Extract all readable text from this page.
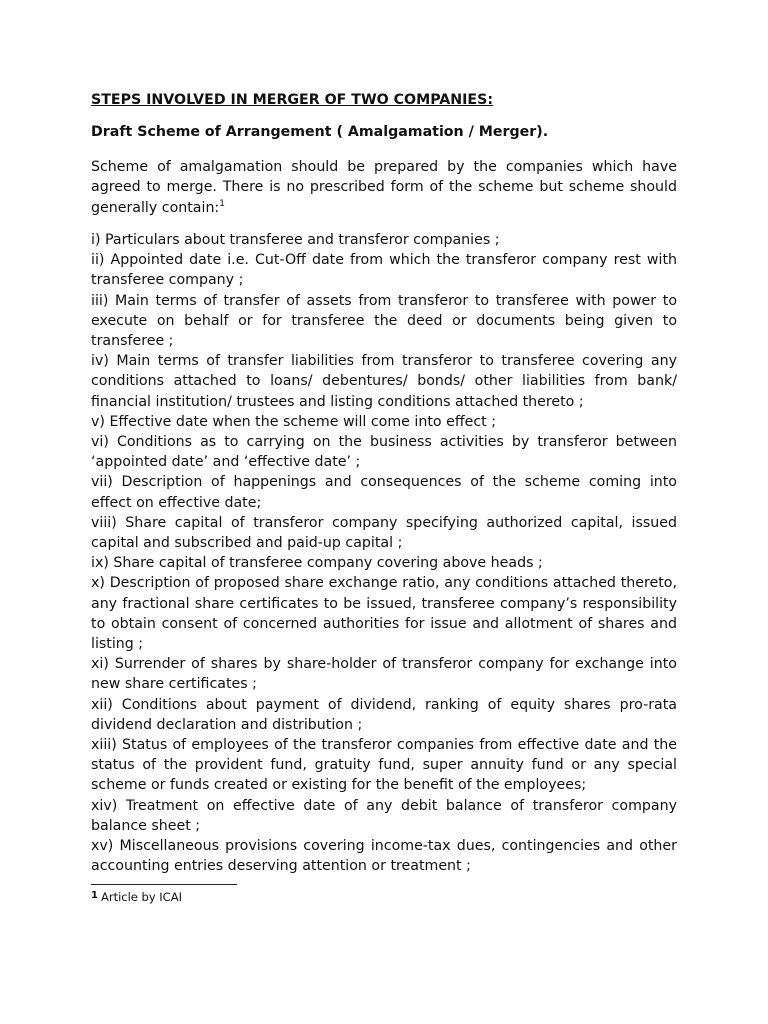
STEPS INVOLVED IN MERGER OF TWO COMPANIES:

Draft Scheme of Arrangement ( Amalgamation / Merger).

Scheme of amalgamation should be prepared by the companies which have agreed to merge. There is no prescribed form of the scheme but scheme should generally contain:$^1$

i) Particulars about transferee and transferor companies ;
ii) Appointed date i.e. Cut-Off date from which the transferor company rest with transferee company ;
iii) Main terms of transfer of assets from transferor to transferee with power to execute on behalf or for transferee the deed or documents being given to transferee ;
iv) Main terms of transfer liabilities from transferor to transferee covering any conditions attached to loans/ debentures/ bonds/ other liabilities from bank/ financial institution/ trustees and listing conditions attached thereto ;
v) Effective date when the scheme will come into effect ;
vi) Conditions as to carrying on the business activities by transferor between ‘appointed date’ and ‘effective date’ ;
vii) Description of happenings and consequences of the scheme coming into effect on effective date;
viii) Share capital of transferor company specifying authorized capital, issued capital and subscribed and paid-up capital ;
ix) Share capital of transferee company covering above heads ;
x) Description of proposed share exchange ratio, any conditions attached thereto, any fractional share certificates to be issued, transferee company’s responsibility to obtain consent of concerned authorities for issue and allotment of shares and listing ;
xi) Surrender of shares by share-holder of transferor company for exchange into new share certificates ;
xii) Conditions about payment of dividend, ranking of equity shares pro-rata dividend declaration and distribution ;
xiii) Status of employees of the transferor companies from effective date and the status of the provident fund, gratuity fund, super annuity fund or any special scheme or funds created or existing for the benefit of the employees;
xiv) Treatment on effective date of any debit balance of transferor company balance sheet ;
xv) Miscellaneous provisions covering income-tax dues, contingencies and other accounting entries deserving attention or treatment ;
1 Article by ICAI
